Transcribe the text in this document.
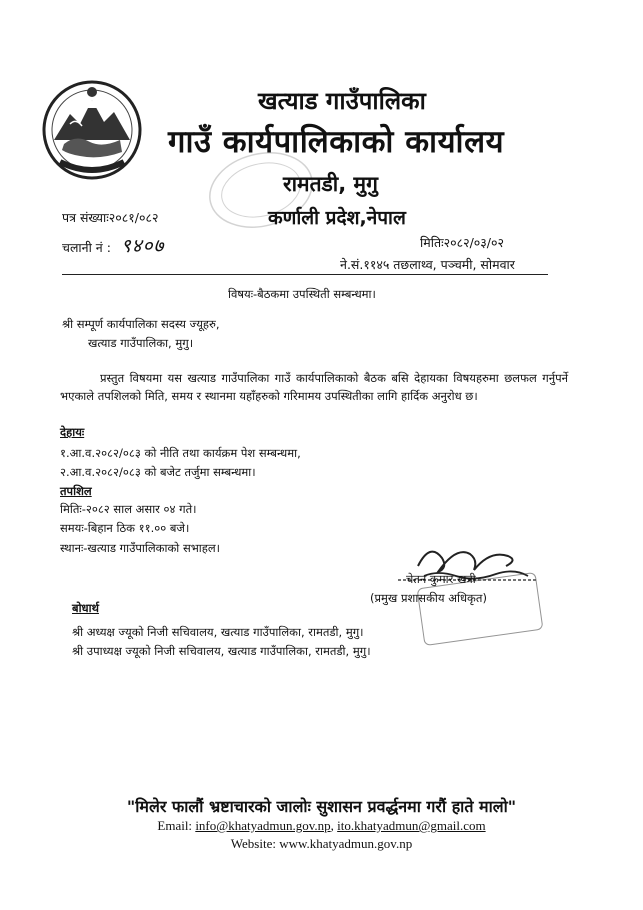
खत्याड गाउँपालिका
गाउँ कार्यपालिकाको कार्यालय
रामतडी, मुगु
कर्णाली प्रदेश,नेपाल
पत्र संख्याः२०८१/०८२
चलानी नं : ९४०७	मितिः२०८२/०३/०२
ने.सं.११४५ तछलाथ्व, पञ्चमी, सोमवार
विषयः-बैठकमा उपस्थिती सम्बन्धमा।
श्री सम्पूर्ण कार्यपालिका सदस्य ज्यूहरु,
खत्याड गाउँपालिका, मुगु।
प्रस्तुत विषयमा यस खत्याड गाउँपालिका गाउँ कार्यपालिकाको बैठक बसि देहायका विषयहरुमा छलफल गर्नुपर्ने भएकाले तपशिलको मिति, समय र स्थानमा यहाँहरुको गरिमामय उपस्थितीका लागि हार्दिक अनुरोध छ।
देहायः
१.आ.व.२०८२/०८३ को नीति तथा कार्यक्रम पेश सम्बन्धमा,
२.आ.व.२०८२/०८३ को बजेट तर्जुमा सम्बन्धमा।
तपशिल
मितिः-२०८२ साल असार ०४ गते।
समयः-बिहान ठिक ११.०० बजे।
स्थानः-खत्याड गाउँपालिकाको सभाहल।
चेतन कुमार खत्री
(प्रमुख प्रशासकीय अधिकृत)
बोधार्थ
श्री अध्यक्ष ज्यूको निजी सचिवालय, खत्याड गाउँपालिका, रामतडी, मुगु।
श्री उपाध्यक्ष ज्यूको निजी सचिवालय, खत्याड गाउँपालिका, रामतडी, मुगु।
"मिलेर फालौं भ्रष्टाचारको जालोः सुशासन प्रवर्द्धनमा गरौं हाते मालो"
Email: info@khatyadmun.gov.np, ito.khatyadmun@gmail.com
Website: www.khatyadmun.gov.np
